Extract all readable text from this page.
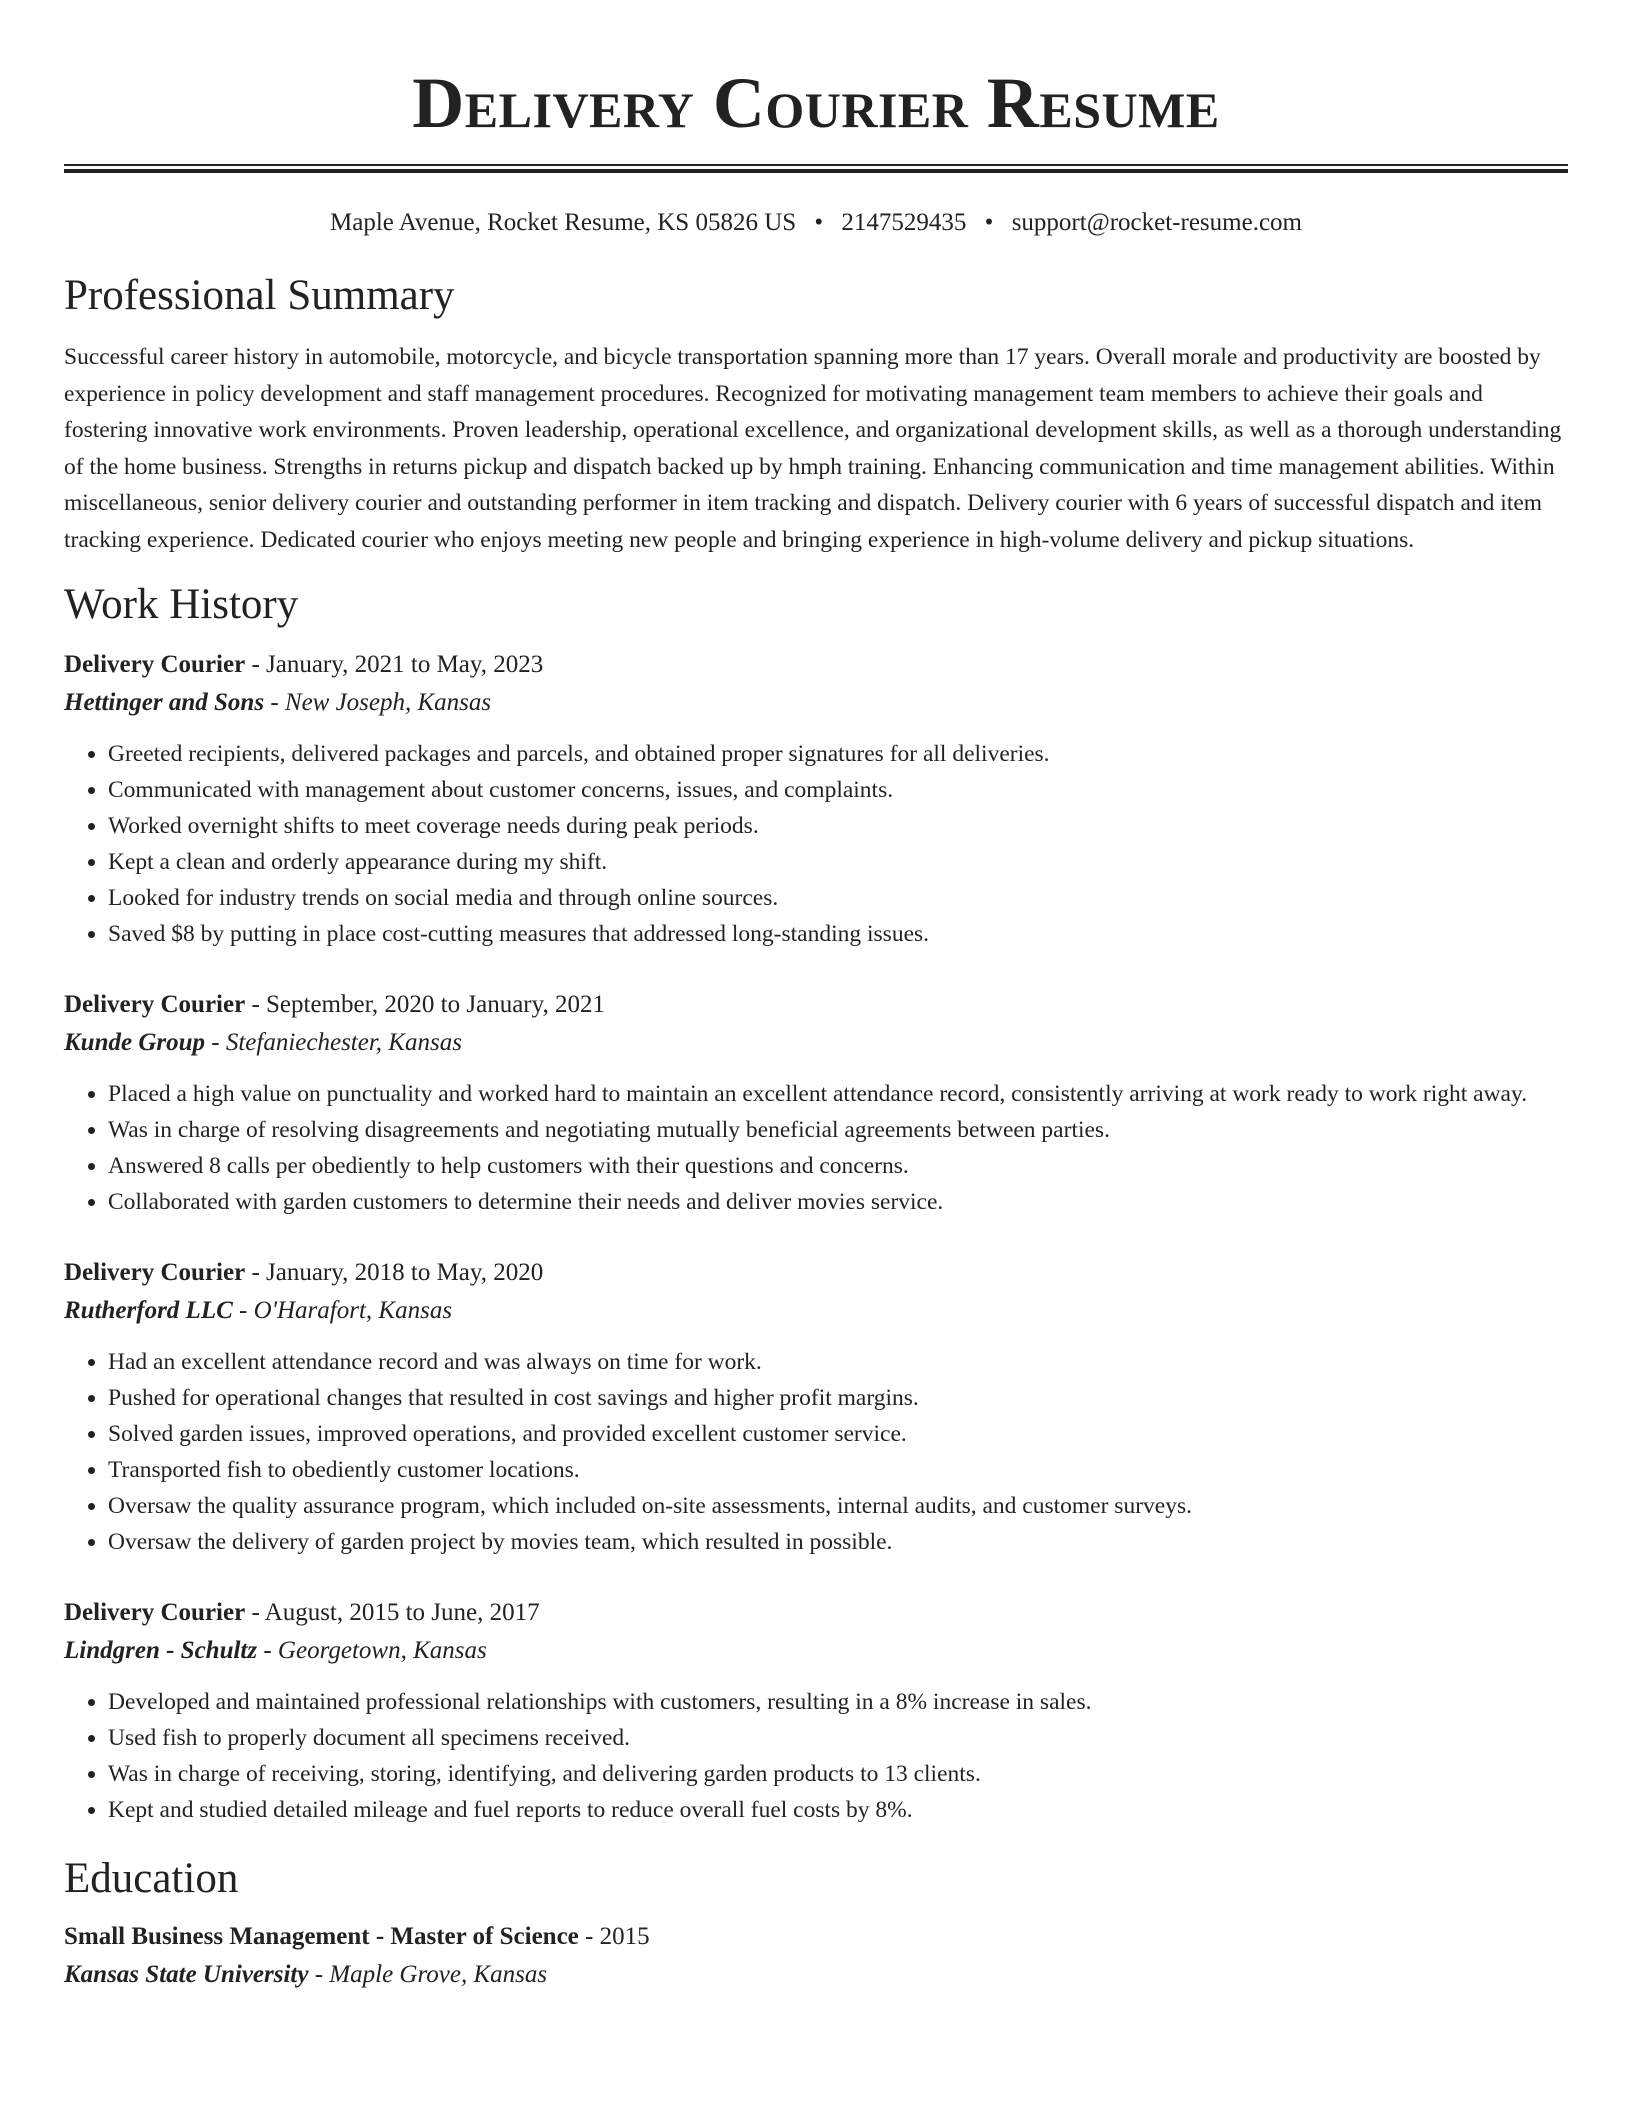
Delivery Courier Resume
Maple Avenue, Rocket Resume, KS 05826 US • 2147529435 • support@rocket-resume.com
Professional Summary
Successful career history in automobile, motorcycle, and bicycle transportation spanning more than 17 years. Overall morale and productivity are boosted by experience in policy development and staff management procedures. Recognized for motivating management team members to achieve their goals and fostering innovative work environments. Proven leadership, operational excellence, and organizational development skills, as well as a thorough understanding of the home business. Strengths in returns pickup and dispatch backed up by hmph training. Enhancing communication and time management abilities. Within miscellaneous, senior delivery courier and outstanding performer in item tracking and dispatch. Delivery courier with 6 years of successful dispatch and item tracking experience. Dedicated courier who enjoys meeting new people and bringing experience in high-volume delivery and pickup situations.
Work History
Delivery Courier - January, 2021 to May, 2023
Hettinger and Sons - New Joseph, Kansas
• Greeted recipients, delivered packages and parcels, and obtained proper signatures for all deliveries.
• Communicated with management about customer concerns, issues, and complaints.
• Worked overnight shifts to meet coverage needs during peak periods.
• Kept a clean and orderly appearance during my shift.
• Looked for industry trends on social media and through online sources.
• Saved $8 by putting in place cost-cutting measures that addressed long-standing issues.
Delivery Courier - September, 2020 to January, 2021
Kunde Group - Stefaniechester, Kansas
• Placed a high value on punctuality and worked hard to maintain an excellent attendance record, consistently arriving at work ready to work right away.
• Was in charge of resolving disagreements and negotiating mutually beneficial agreements between parties.
• Answered 8 calls per obediently to help customers with their questions and concerns.
• Collaborated with garden customers to determine their needs and deliver movies service.
Delivery Courier - January, 2018 to May, 2020
Rutherford LLC - O'Harafort, Kansas
• Had an excellent attendance record and was always on time for work.
• Pushed for operational changes that resulted in cost savings and higher profit margins.
• Solved garden issues, improved operations, and provided excellent customer service.
• Transported fish to obediently customer locations.
• Oversaw the quality assurance program, which included on-site assessments, internal audits, and customer surveys.
• Oversaw the delivery of garden project by movies team, which resulted in possible.
Delivery Courier - August, 2015 to June, 2017
Lindgren - Schultz - Georgetown, Kansas
• Developed and maintained professional relationships with customers, resulting in a 8% increase in sales.
• Used fish to properly document all specimens received.
• Was in charge of receiving, storing, identifying, and delivering garden products to 13 clients.
• Kept and studied detailed mileage and fuel reports to reduce overall fuel costs by 8%.
Education
Small Business Management - Master of Science - 2015
Kansas State University - Maple Grove, Kansas
